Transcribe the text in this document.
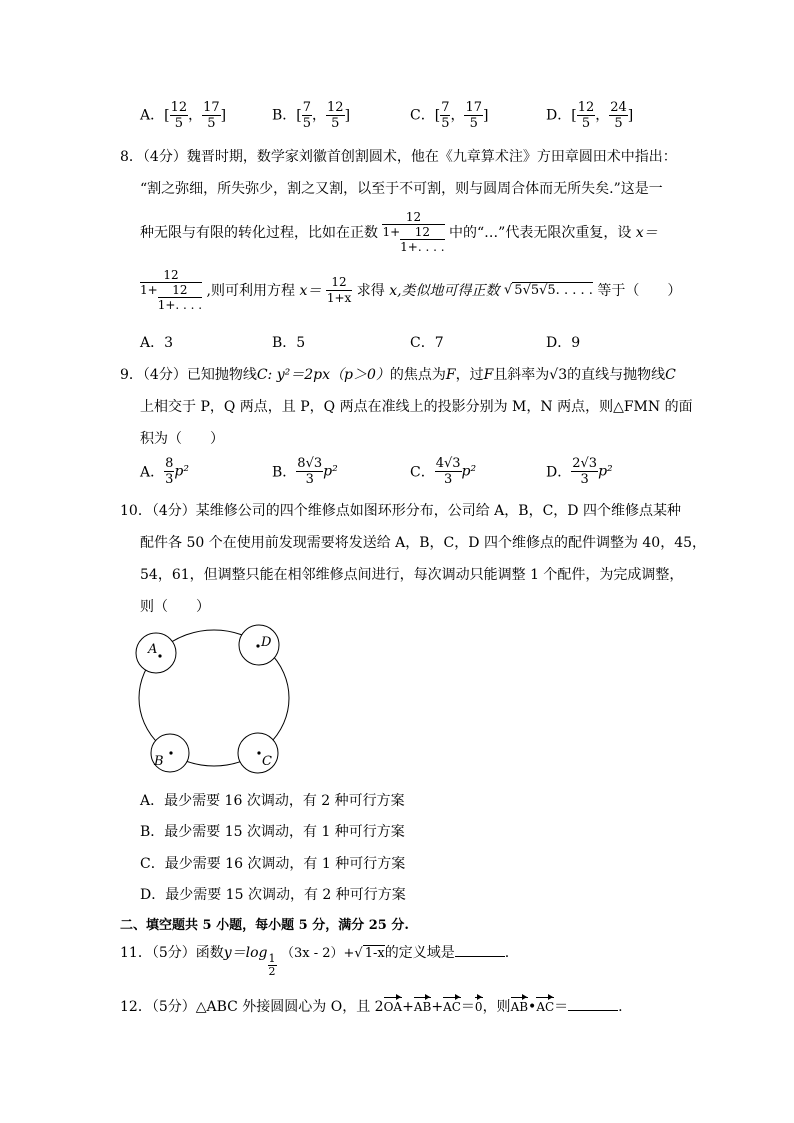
A．[ $\frac{12}{5}$ ， $\frac{17}{5}$ ]	B．[ $\frac{7}{5}$ ， $\frac{12}{5}$ ]	C．[ $\frac{7}{5}$ ， $\frac{17}{5}$ ]	D．[ $\frac{12}{5}$ ， $\frac{24}{5}$ ]
8．（4分）魏晋时期，数学家刘徽首创割圆术，他在《九章算术注》方田章圆田术中指出：
“割之弥细，所失弥少，割之又割，以至于不可割，则与圆周合体而无所失矣.”这是一
种无限与有限的转化过程，比如在正数 $\frac{12}{1+ \frac{12}{1+. . . .}}$ 中的“…”代表无限次重复，设 x＝
$\frac{12}{1+ \frac{12}{1+. . . .}}$ ,则可利用方程 $x= \frac{12}{1+x}$ 求得 x,类似地可得正数 √ 5√5√5. . . . . 等于（　　）
A．3	B．5	C．7	D．9
9．（4分）已知抛物线C: y²＝2px（p＞0）的焦点为F，过F且斜率为√3的直线与抛物线C
上相交于 P，Q 两点，且 P，Q 两点在准线上的投影分别为 M，N 两点，则△FMN 的面
积为（　　）
A． $\frac{8}{3} p^2$	B． $\frac{8√3}{3} p^2$	C． $\frac{4√3}{3} p^2$	D． $\frac{2√3}{3} p^2$
10．（4分）某维修公司的四个维修点如图环形分布，公司给 A，B，C，D 四个维修点某种
配件各 50 个在使用前发现需要将发送给 A，B，C，D 四个维修点的配件调整为 40，45，
54，61，但调整只能在相邻维修点间进行，每次调动只能调整 1 个配件，为完成调整，
则（　　）
A	D
B	C
A．最少需要 16 次调动，有 2 种可行方案
B．最少需要 15 次调动，有 1 种可行方案
C．最少需要 16 次调动，有 1 种可行方案
D．最少需要 15 次调动，有 2 种可行方案
二、填空题共 5 小题，每小题 5 分，满分 25 分.
11．（5分）函数$y=\log \frac{1}{2} (3x - 2)+√$ 1-x的定义域是	.
12．（5分）△ABC 外接圆圆心为 O，且 2OA+AB+AC＝0，则AB•AC＝	.
